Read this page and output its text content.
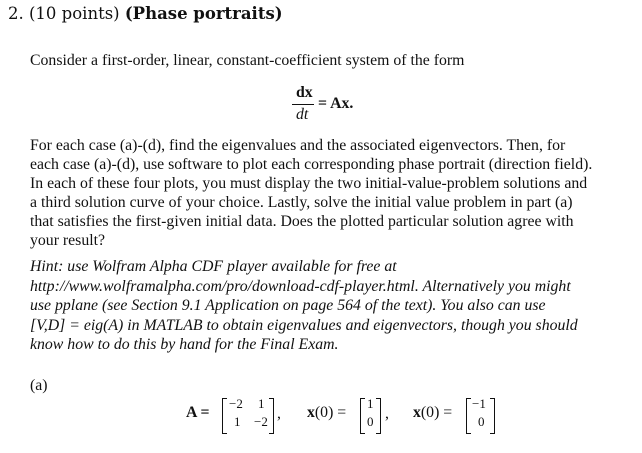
2. (10 points) (Phase portraits)
Consider a first-order, linear, constant-coefficient system of the form
dx
dt
= Ax.
For each case (a)-(d), find the eigenvalues and the associated eigenvectors. Then, for
each case (a)-(d), use software to plot each corresponding phase portrait (direction field).
In each of these four plots, you must display the two initial-value-problem solutions and
a third solution curve of your choice. Lastly, solve the initial value problem in part (a)
that satisfies the first-given initial data. Does the plotted particular solution agree with
your result?
Hint: use Wolfram Alpha CDF player available for free at
http://www.wolframalpha.com/pro/download-cdf-player.html. Alternatively you might
use pplane (see Section 9.1 Application on page 564 of the text). You also can use
[V,D] = eig(A) in MATLAB to obtain eigenvalues and eigenvectors, though you should
know how to do this by hand for the Final Exam.
(a)
A =
−2 1
1 −2 , x(0) =
1
0 , x(0) =
−1
0
